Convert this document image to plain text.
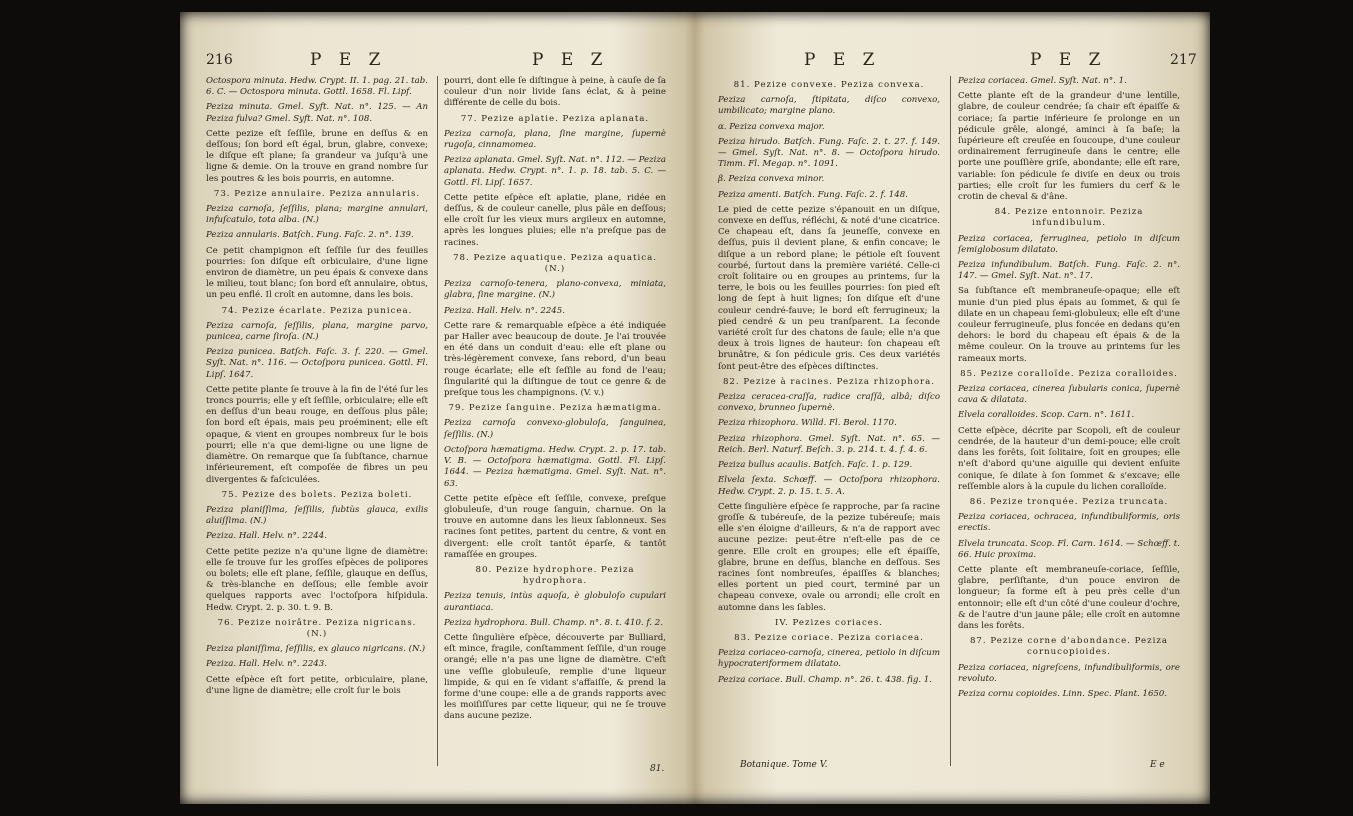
216	P E Z	P E Z

Octospora minuta. Hedw. Crypt. II. 1. pag. 21. tab. 6. C. — Octospora minuta. Gottl. 1658. Fl. Lipf.

Peziza minuta. Gmel. Syft. Nat. n°. 125. — An Peziza fulva? Gmel. Syft. Nat. n°. 108.

Cette pezize eſt ſeſſile, brune en deſſus & en deſſous; ſon bord eſt égal, brun, glabre, convexe; le diſque eſt plane; ſa grandeur va juſqu'à une ligne & demie. On la trouve en grand nombre ſur les poutres & les bois pourris, en automne.

73. Pezize annulaire. Peziza annularis.

Peziza carnoſa, ſeſſilis, plana; margine annulari, infuſcatulo, tota alba. (N.)

Peziza annularis. Batſch. Fung. Faſc. 2. n°. 139.

Ce petit champignon eſt ſeſſile ſur des feuilles pourries: ſon diſque eſt orbiculaire, d'une ligne environ de diamètre, un peu épais & convexe dans le milieu, tout blanc; ſon bord eſt annulaire, obtus, un peu enflé. Il croît en automne, dans les bois.

74. Pezize écarlate. Peziza punicea.

Peziza carnoſa, ſeſſilis, plana, margine parvo, punicea, carne ſiroſa. (N.)

Peziza punicea. Batſch. Faſc. 3. f. 220. — Gmel. Syſt. Nat. n°. 116. — Octoſpora punicea. Gottl. Fl. Lipſ. 1647.

Cette petite plante ſe trouve à la fin de l'été ſur les troncs pourris; elle y eſt ſeſſile, orbiculaire; elle eſt en deſſus d'un beau rouge, en deſſous plus pâle; ſon bord eſt épais, mais peu proéminent; elle eſt opaque, & vient en groupes nombreux ſur le bois pourri; elle n'a que demi-ligne ou une ligne de diamètre. On remarque que ſa ſubſtance, charnue inférieurement, eſt compoſée de fibres un peu divergentes & faſciculées.

75. Pezize des bolets. Peziza boleti.

Peziza planiſſima, ſeſſilis, ſubtùs glauca, exilis aluiſſima. (N.)

Peziza. Hall. Helv. n°. 2244.

Cette petite pezize n'a qu'une ligne de diamètre: elle ſe trouve ſur les groſſes eſpèces de polipores ou bolets; elle eſt plane, ſeſſile, glauque en deſſus, & très-blanche en deſſous; elle ſemble avoir quelques rapports avec l'octoſpora hiſpidula. Hedw. Crypt. 2. p. 30. t. 9. B.

76. Pezize noirâtre. Peziza nigricans. (N.)

Peziza planiſſima, ſeſſilis, ex glauco nigricans. (N.)

Peziza. Hall. Helv. n°. 2243.

Cette eſpèce eſt fort petite, orbiculaire, plane, d'une ligne de diamètre; elle croît ſur le bois

pourri, dont elle ſe diſtingue à peine, à cauſe de ſa couleur d'un noir livide ſans éclat, & à peine différente de celle du bois.

77. Pezize aplatie. Peziza aplanata.

Peziza carnoſa, plana, ſine margine, ſupernè rugoſa, cinnamomea.

Peziza aplanata. Gmel. Syſt. Nat. n°. 112. — Peziza aplanata. Hedw. Crypt. n°. 1. p. 18. tab. 5. C. — Gottl. Fl. Lipſ. 1657.

Cette petite eſpèce eſt aplatie, plane, ridée en deſſus, & de couleur canelle, plus pâle en deſſous; elle croît ſur les vieux murs argileux en automne, après les longues pluies; elle n'a preſque pas de racines.

78. Pezize aquatique. Peziza aquatica. (N.)

Peziza carnoſo-tenera, plano-convexa, miniata, glabra, ſine margine. (N.)

Peziza. Hall. Helv. n°. 2245.

Cette rare & remarquable eſpèce a été indiquée par Haller avec beaucoup de doute. Je l'ai trouvée en été dans un conduit d'eau: elle eſt plane ou très-légèrement convexe, ſans rebord, d'un beau rouge écarlate; elle eſt ſeſſile au fond de l'eau; ſingularité qui la diſtingue de tout ce genre & de preſque tous les champignons. (V. v.)

79. Pezize ſanguine. Peziza hæmatigma.

Peziza carnoſa convexo-globuloſa, ſanguinea, ſeſſilis. (N.)

Octoſpora hæmatigma. Hedw. Crypt. 2. p. 17. tab. V. B. — Octoſpora hæmatigma. Gottl. Fl. Lipſ. 1644. — Peziza hæmatigma. Gmel. Syſt. Nat. n°. 63.

Cette petite eſpèce eſt ſeſſile, convexe, preſque globuleuſe, d'un rouge ſanguin, charnue. On la trouve en automne dans les lieux ſablonneux. Ses racines ſont petites, partent du centre, & vont en divergent: elle croît tantôt éparſe, & tantôt ramaſſée en groupes.

80. Pezize hydrophore. Peziza hydrophora.

Peziza tenuis, intùs aquoſa, è globuloſo cupulari aurantiaca.

Peziza hydrophora. Bull. Champ. n°. 8. t. 410. f. 2.

Cette ſingulière eſpèce, découverte par Bulliard, eſt mince, fragile, conſtamment ſeſſile, d'un rouge orangé; elle n'a pas une ligne de diamètre. C'eſt une veſſie globuleuſe, remplie d'une liqueur limpide, & qui en ſe vidant s'affaiſſe, & prend la forme d'une coupe: elle a de grands rapports avec les moiſiſſures par cette liqueur, qui ne ſe trouve dans aucune pezize.

81.
P E Z	P E Z	217

81. Pezize convexe. Peziza convexa.

Peziza carnoſa, ſtipitata, diſco convexo, umbilicato; margine plano.

α. Peziza convexa major.

Peziza hirudo. Batſch. Fung. Faſc. 2. t. 27. f. 149. — Gmel. Syſt. Nat. n°. 8. — Octoſpora hirudo. Timm. Fl. Megap. n°. 1091.

β. Peziza convexa minor.

Peziza amenti. Batſch. Fung. Faſc. 2. f. 148.

Le pied de cette pezize s'épanouit en un diſque, convexe en deſſus, réfléchi, & noté d'une cicatrice. Ce chapeau eſt, dans ſa jeuneſſe, convexe en deſſus, puis il devient plane, & enfin concave; le diſque a un rebord plane; le pétiole eſt ſouvent courbé, ſurtout dans la première variété. Celle-ci croît ſolitaire ou en groupes au printems, ſur la terre, le bois ou les feuilles pourries: ſon pied eſt long de ſept à huit lignes; ſon diſque eſt d'une couleur cendré-fauve; le bord eſt ferrugineux; la pied cendré & un peu tranſparent. La ſeconde variété croît ſur des chatons de ſaule; elle n'a que deux à trois lignes de hauteur: ſon chapeau eſt brunâtre, & ſon pédicule gris. Ces deux variétés ſont peut-être des eſpèces diſtinctes.

82. Pezize à racines. Peziza rhizophora.

Peziza ceracea-craſſa, radice craſſâ, albâ; diſco convexo, brunneo ſupernè.

Peziza rhizophora. Willd. Fl. Berol. 1170.

Peziza rhizophora. Gmel. Syſt. Nat. n°. 65. — Reich. Berl. Naturf. Beſch. 3. p. 214. t. 4. f. 4. 6.

Peziza bullus acaulis. Batſch. Faſc. 1. p. 129.

Elvela ſexta. Schœff. — Octoſpora rhizophora. Hedw. Crypt. 2. p. 15. t. 5. A.

Cette ſingulière eſpèce ſe rapproche, par ſa racine groſſe & tubéreuſe, de la pezize tubéreuſe; mais elle s'en éloigne d'ailleurs, & n'a de rapport avec aucune pezize: peut-être n'eſt-elle pas de ce genre. Elle croît en groupes; elle eſt épaiſſe, glabre, brune en deſſus, blanche en deſſous. Ses racines ſont nombreuſes, épaiſſes & blanches; elles portent un pied court, terminé par un chapeau convexe, ovale ou arrondi; elle croît en automne dans les ſables.

IV. Pezizes coriaces.

83. Pezize coriace. Peziza coriacea.

Peziza coriaceo-carnoſa, cinerea, petiolo in diſcum hypocrateriformem dilatato.

Peziza coriace. Bull. Champ. n°. 26. t. 438. fig. 1.

Peziza coriacea. Gmel. Syſt. Nat. n°. 1.

Cette plante eſt de la grandeur d'une lentille, glabre, de couleur cendrée; ſa chair eſt épaiſſe & coriace; ſa partie inférieure ſe prolonge en un pédicule grêle, alongé, aminci à ſa baſe; la ſupérieure eſt creuſée en ſoucoupe, d'une couleur ordinairement ferrugineuſe dans le centre; elle porte une pouſſière griſe, abondante; elle eſt rare, variable: ſon pédicule ſe diviſe en deux ou trois parties; elle croît ſur les fumiers du cerf & le crotin de cheval & d'âne.

84. Pezize entonnoir. Peziza infundibulum.

Peziza coriacea, ferruginea, petiolo in diſcum ſemiglobosum dilatato.

Peziza infundibulum. Batſch. Fung. Faſc. 2. n°. 147. — Gmel. Syſt. Nat. n°. 17.

Sa ſubſtance eſt membraneuſe-opaque; elle eſt munie d'un pied plus épais au ſommet, & qui ſe dilate en un chapeau ſemi-globuleux; elle eſt d'une couleur ferrugineuſe, plus foncée en dedans qu'en dehors: le bord du chapeau eſt épais & de la même couleur. On la trouve au printems ſur les rameaux morts.

85. Pezize coralloïde. Peziza coralloides.

Peziza coriacea, cinerea ſubularis conica, ſupernè cava & dilatata.

Elvela coralloides. Scop. Carn. n°. 1611.

Cette eſpèce, décrite par Scopoli, eſt de couleur cendrée, de la hauteur d'un demi-pouce; elle croît dans les forêts, ſoit ſolitaire, ſoit en groupes; elle n'eſt d'abord qu'une aiguille qui devient enſuite conique, ſe dilate à ſon ſommet & s'excave; elle reſſemble alors à la cupule du lichen coralloïde.

86. Pezize tronquée. Peziza truncata.

Peziza coriacea, ochracea, infundibuliformis, oris erectis.

Elvela truncata. Scop. Fl. Carn. 1614. — Schœff. t. 66. Huic proxima.

Cette plante eſt membraneuſe-coriace, ſeſſile, glabre, perſiſtante, d'un pouce environ de longueur; ſa forme eſt à peu près celle d'un entonnoir; elle eſt d'un côté d'une couleur d'ochre, & de l'autre d'un jaune pâle; elle croît en automne dans les forêts.

87. Pezize corne d'abondance. Peziza cornucopioides.

Peziza coriacea, nigreſcens, infundibuliformis, ore revoluto.

Peziza cornu copioides. Linn. Spec. Plant. 1650.

Botanique. Tome V.	E e
